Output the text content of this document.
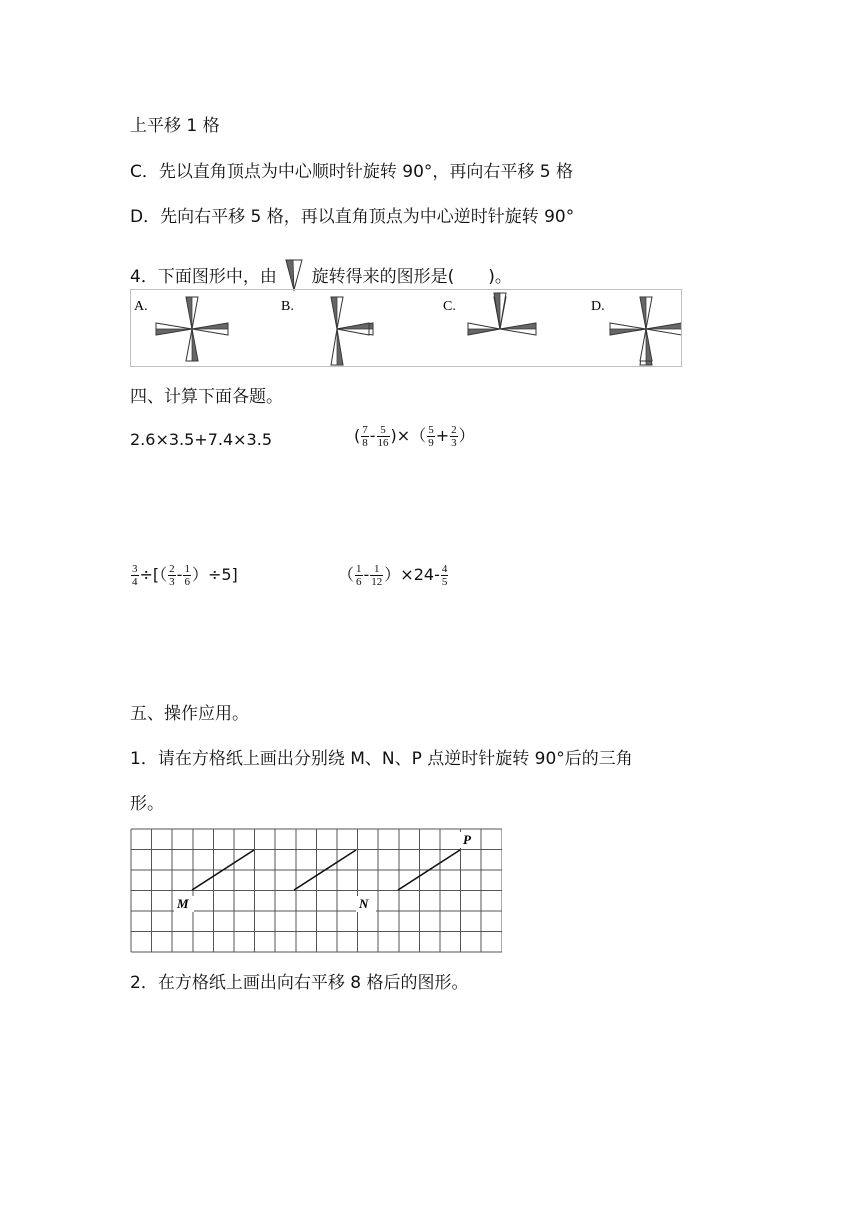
上平移 1 格
C．先以直角顶点为中心顺时针旋转 90°，再向右平移 5 格
D．先向右平移 5 格，再以直角顶点为中心逆时针旋转 90°
4．下面图形中，由 旋转得来的图形是(　　)。
A.	B.	C.	D.
四、计算下面各题。
2.6×3.5+7.4×3.5	( $\frac{7}{8} - \frac{5}{16}$ )×（ $\frac{5}{9} + \frac{2}{3}$ ）
$\frac{3}{4}$ ÷[（ $\frac{2}{3} - \frac{1}{6} )\div 5$]	（ $\frac{1}{6} - \frac{1}{12} )\times 24- \frac{4}{5}$
五、操作应用。
1．请在方格纸上画出分别绕 M、N、P 点逆时针旋转 90°后的三角
形。
M	N
P
2．在方格纸上画出向右平移 8 格后的图形。
